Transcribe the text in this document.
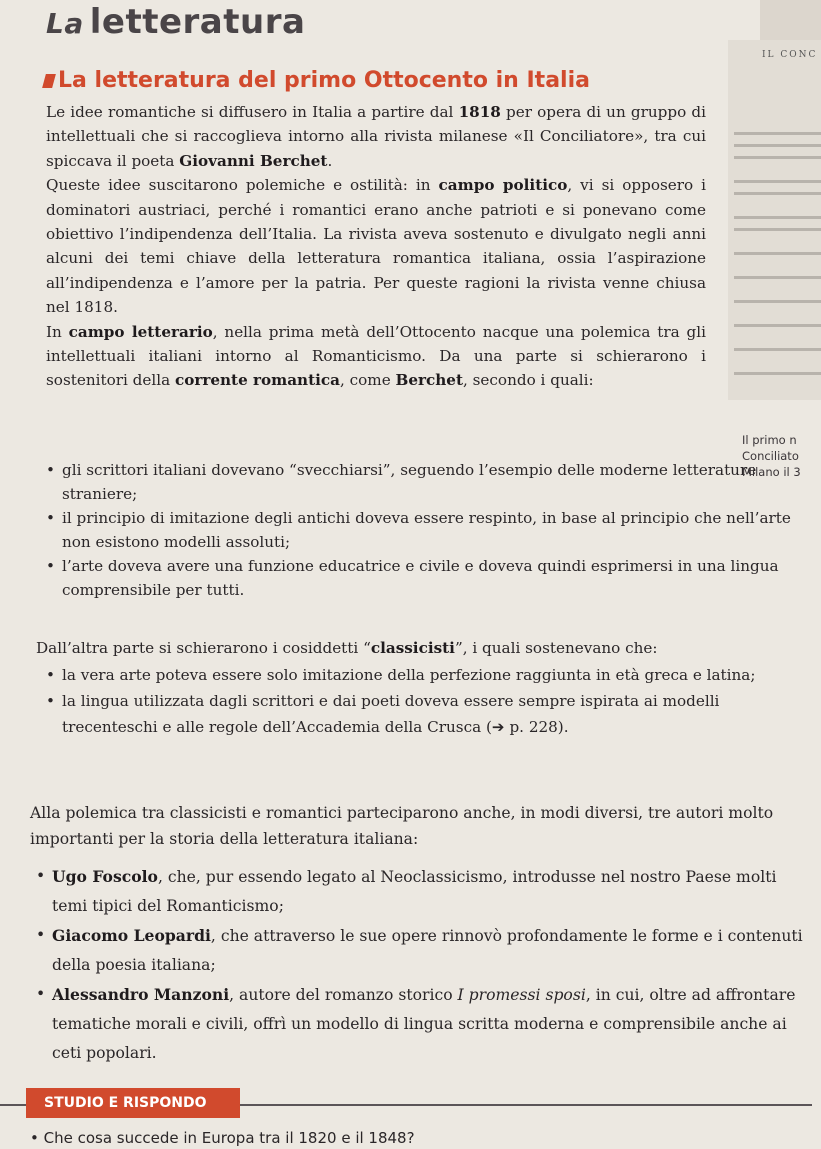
La letteratura
La letteratura del primo Ottocento in Italia

Le idee romantiche si diffusero in Italia a partire dal 1818 per opera di un gruppo di intellettuali che si raccoglieva intorno alla rivista milanese «Il Conciliatore», tra cui spiccava il poeta Giovanni Berchet.

Queste idee suscitarono polemiche e ostilità: in campo politico, vi si opposero i dominatori austriaci, perché i romantici erano anche patrioti e si ponevano come obiettivo l’indipendenza dell’Italia. La rivista aveva sostenuto e divulgato negli anni alcuni dei temi chiave della letteratura romantica italiana, ossia l’aspirazione all’indipendenza e l’amore per la patria. Per queste ragioni la rivista venne chiusa nel 1818.

In campo letterario, nella prima metà dell’Ottocento nacque una polemica tra gli intellettuali italiani intorno al Romanticismo. Da una parte si schierarono i sostenitori della corrente romantica, come Berchet, secondo i quali:

• gli scrittori italiani dovevano “svecchiarsi”, seguendo l’esempio delle moderne letterature straniere;
• il principio di imitazione degli antichi doveva essere respinto, in base al principio che nell’arte non esistono modelli assoluti;
• l’arte doveva avere una funzione educatrice e civile e doveva quindi esprimersi in una lingua comprensibile per tutti.
Dall’altra parte si schierarono i cosiddetti “classicisti”, i quali sostenevano che:
• la vera arte poteva essere solo imitazione della perfezione raggiunta in età greca e latina;
• la lingua utilizzata dagli scrittori e dai poeti doveva essere sempre ispirata ai modelli trecenteschi e alle regole dell’Accademia della Crusca (➔ p. 228).
Alla polemica tra classicisti e romantici parteciparono anche, in modi diversi, tre autori molto importanti per la storia della letteratura italiana:
• Ugo Foscolo, che, pur essendo legato al Neoclassicismo, introdusse nel nostro Paese molti temi tipici del Romanticismo;
• Giacomo Leopardi, che attraverso le sue opere rinnovò profondamente le forme e i contenuti della poesia italiana;
• Alessandro Manzoni, autore del romanzo storico I promessi sposi, in cui, oltre ad affrontare tematiche morali e civili, offrì un modello di lingua scritta moderna e comprensibile anche ai ceti popolari.
IL CONC
Il primo n
Conciliato
Milano il 3
STUDIO E RISPONDO
• Che cosa succede in Europa tra il 1820 e il 1848?
